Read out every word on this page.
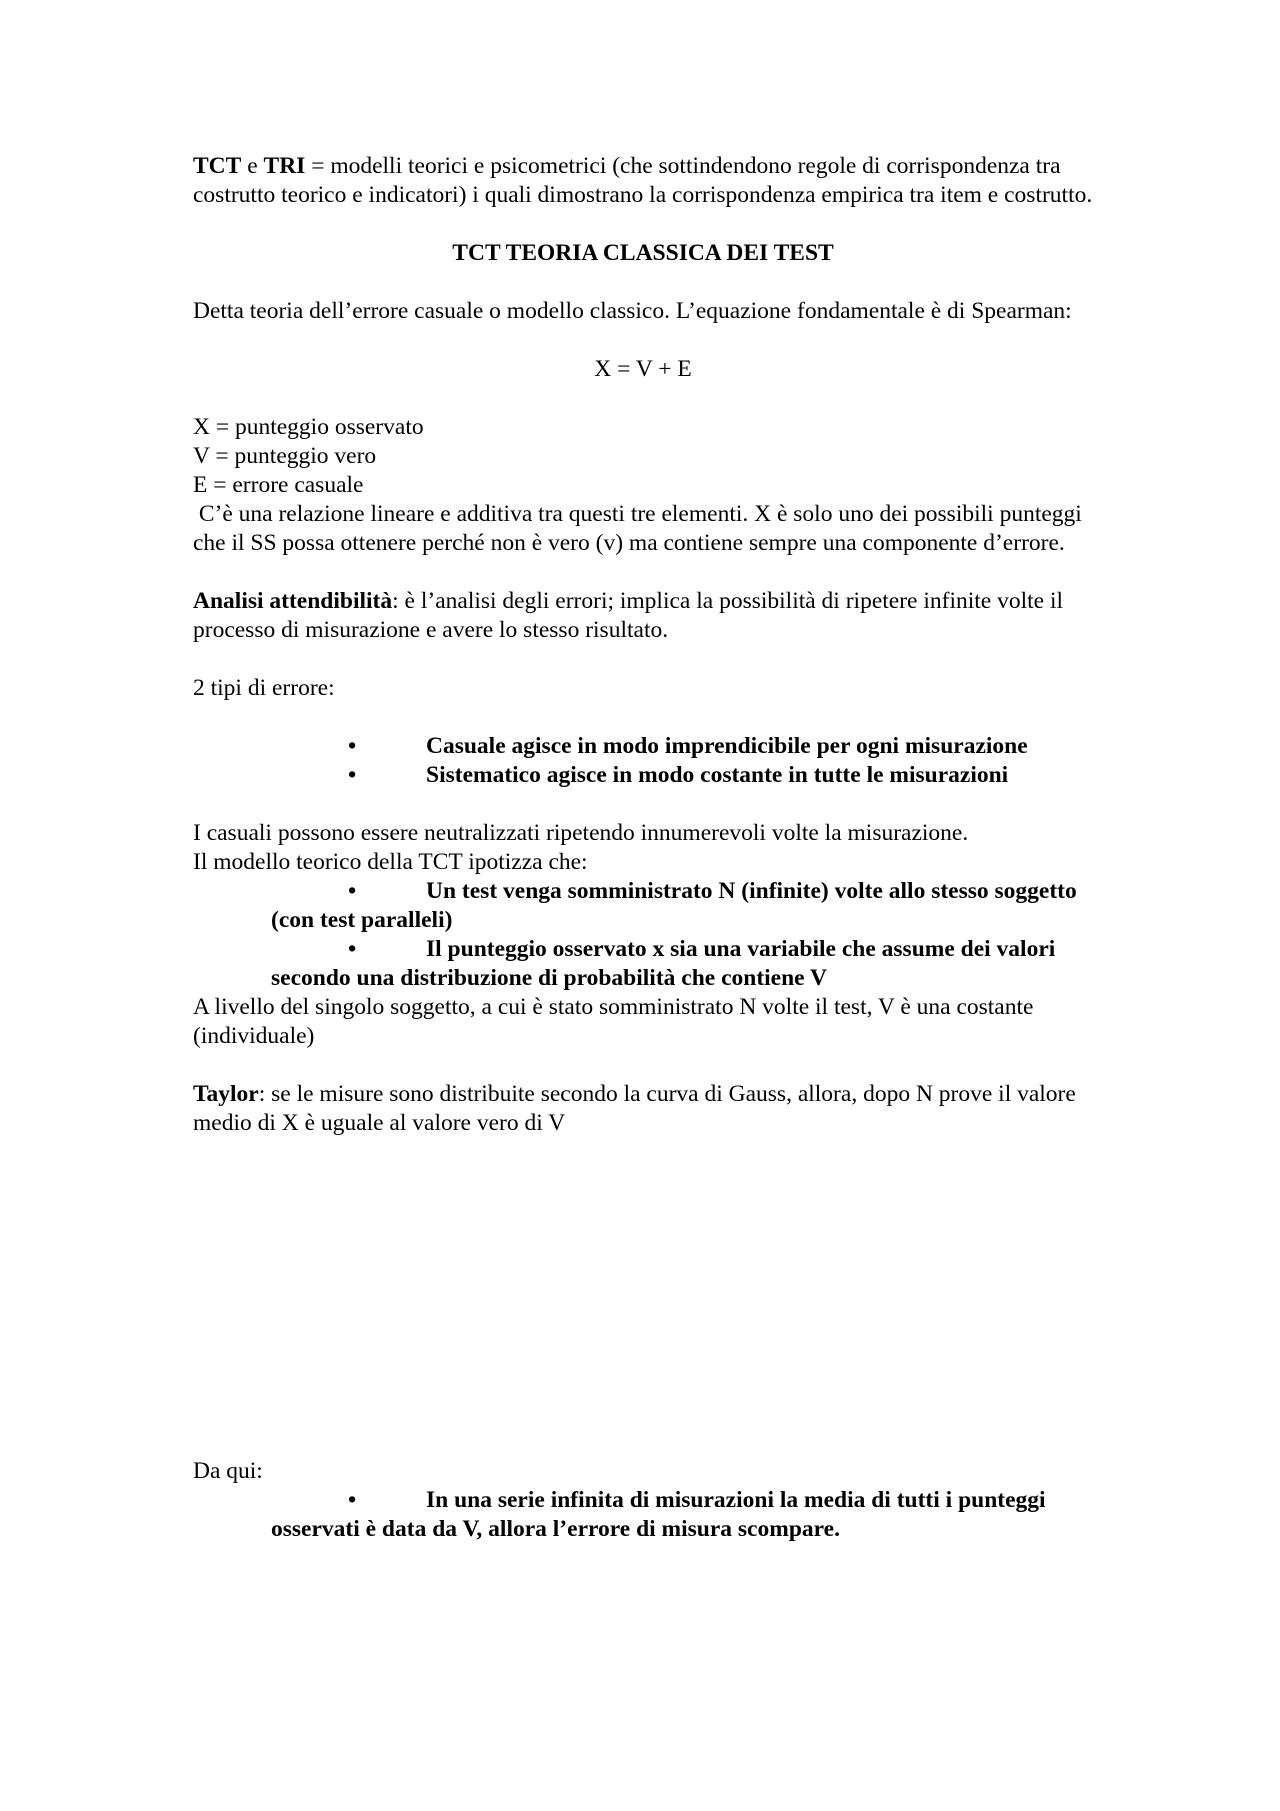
TCT e TRI = modelli teorici e psicometrici (che sottindendono regole di corrispondenza tra costrutto teorico e indicatori) i quali dimostrano la corrispondenza empirica tra item e costrutto.

TCT TEORIA CLASSICA DEI TEST

Detta teoria dell’errore casuale o modello classico. L’equazione fondamentale è di Spearman:

X = V + E

X = punteggio osservato

V = punteggio vero

E = errore casuale

C’è una relazione lineare e additiva tra questi tre elementi. X è solo uno dei possibili punteggi che il SS possa ottenere perché non è vero (v) ma contiene sempre una componente d’errore.

Analisi attendibilità: è l’analisi degli errori; implica la possibilità di ripetere infinite volte il processo di misurazione e avere lo stesso risultato.

2 tipi di errore:

•	Casuale agisce in modo imprendicibile per ogni misurazione
•	Sistematico agisce in modo costante in tutte le misurazioni

I casuali possono essere neutralizzati ripetendo innumerevoli volte la misurazione.

Il modello teorico della TCT ipotizza che:

•	Un test venga somministrato N (infinite) volte allo stesso soggetto (con test paralleli)
•	Il punteggio osservato x sia una variabile che assume dei valori secondo una distribuzione di probabilità che contiene V

A livello del singolo soggetto, a cui è stato somministrato N volte il test, V è una costante (individuale)

Taylor: se le misure sono distribuite secondo la curva di Gauss, allora, dopo N prove il valore medio di X è uguale al valore vero di V

Da qui:

•	In una serie infinita di misurazioni la media di tutti i punteggi osservati è data da V, allora l’errore di misura scompare.
